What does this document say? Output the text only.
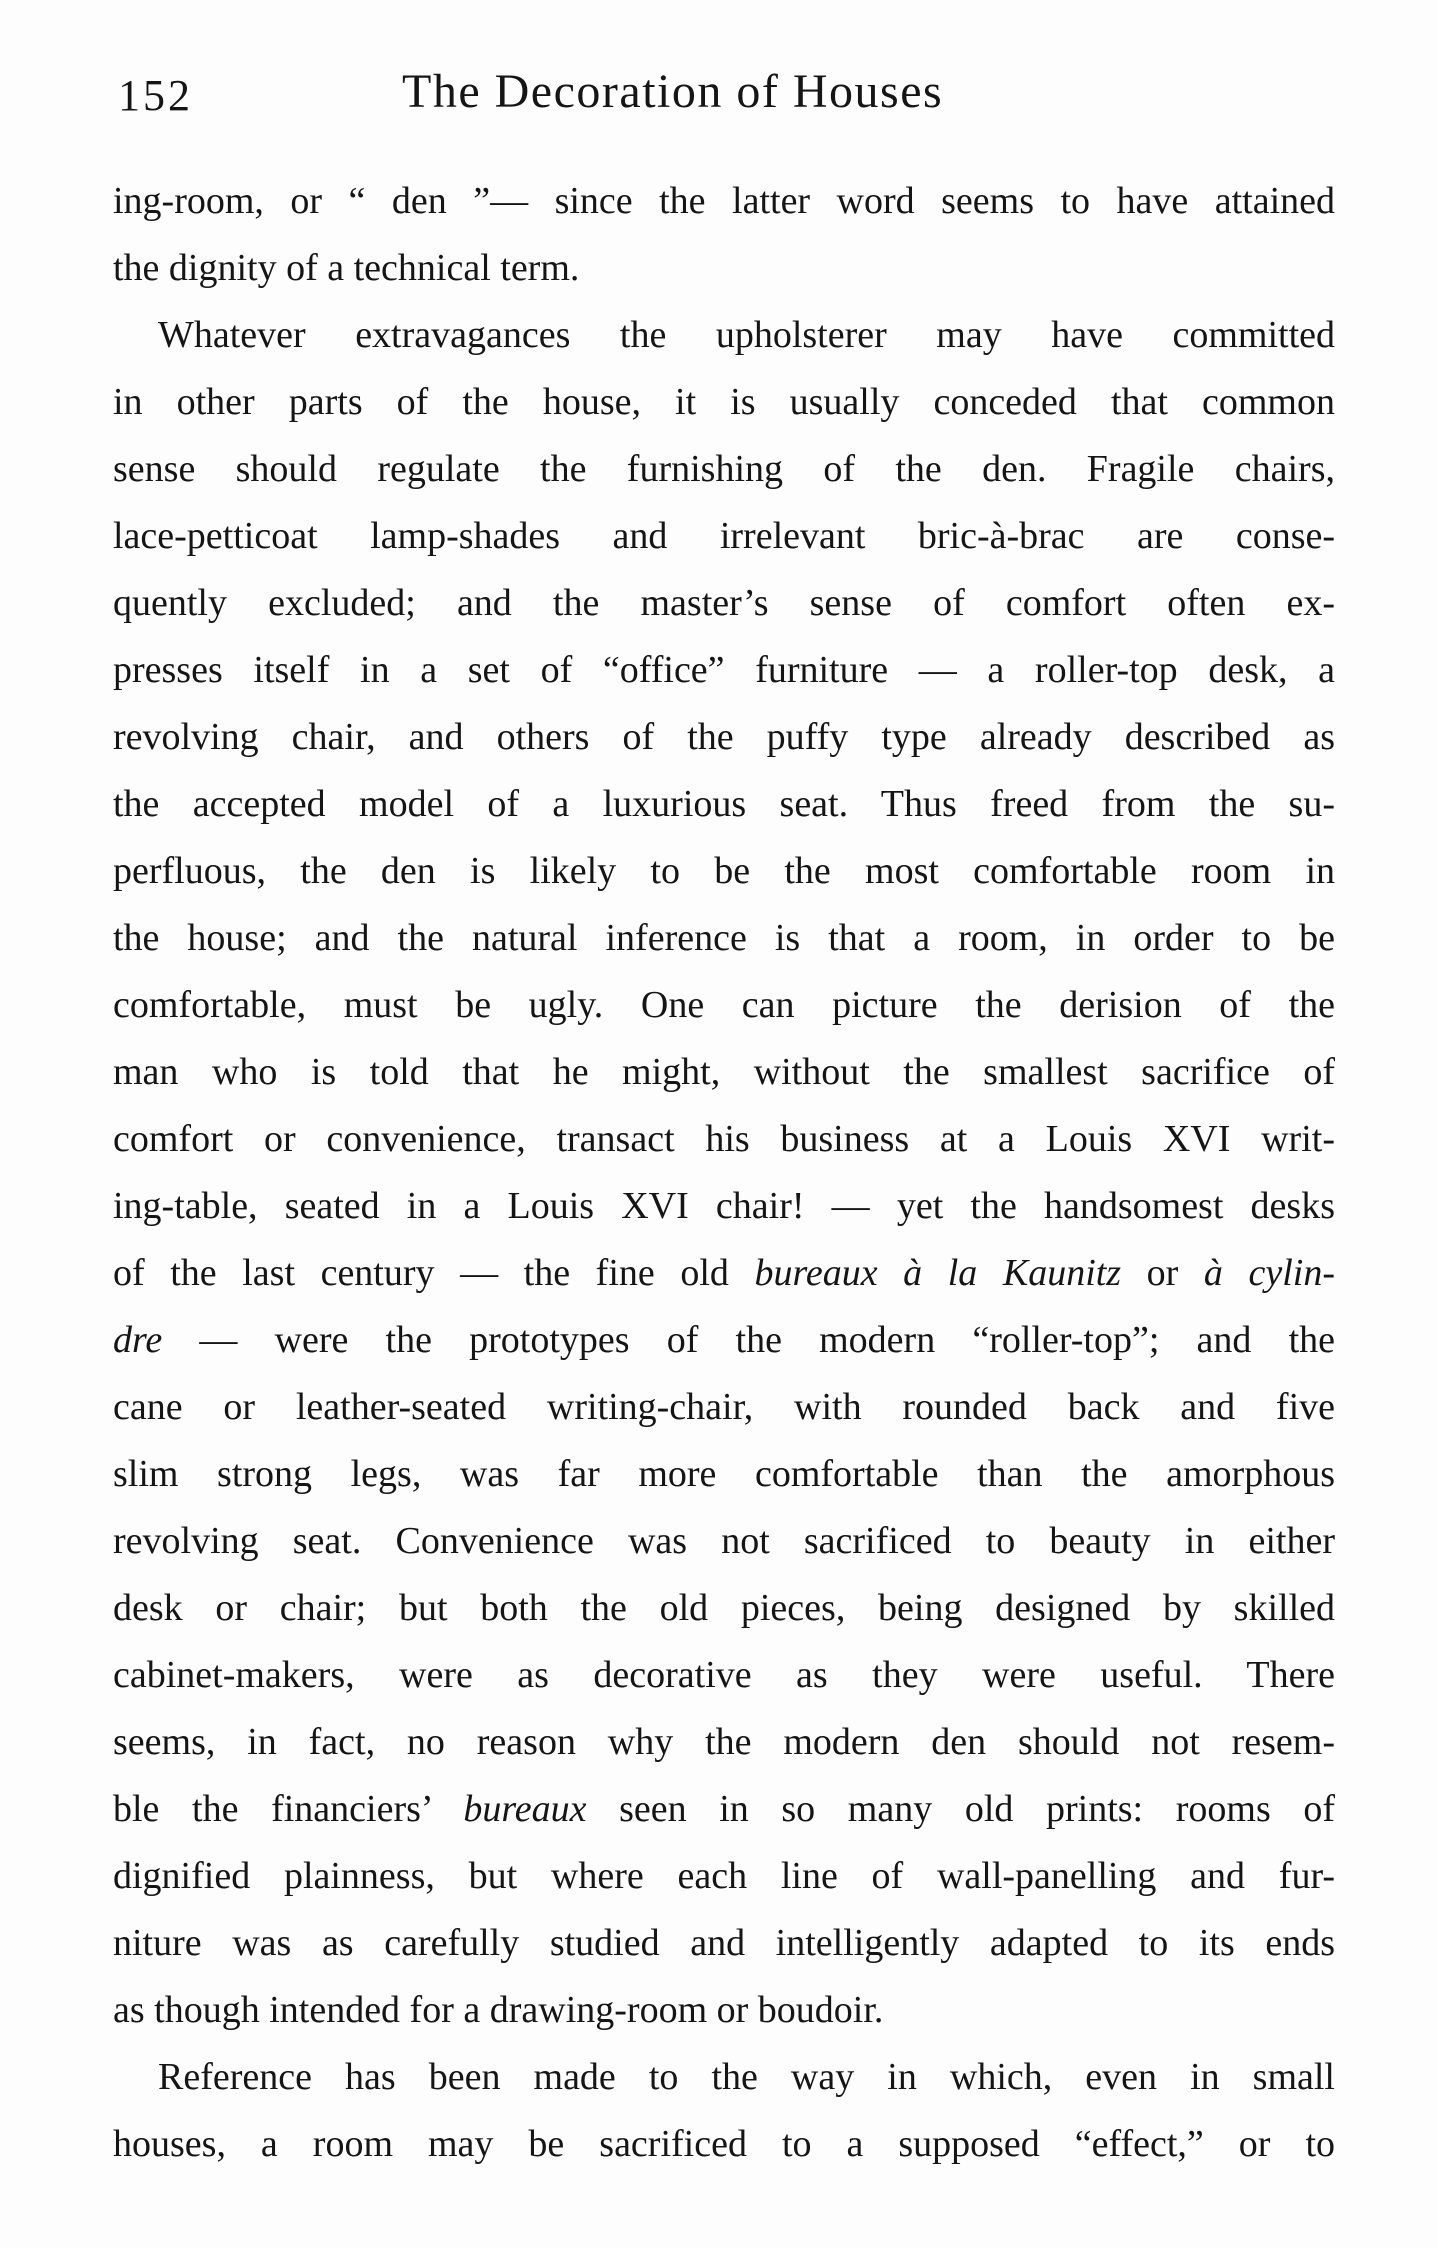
152	The Decoration of Houses
ing-room, or “ den ”— since the latter word seems to have attained
the dignity of a technical term.
Whatever extravagances the upholsterer may have committed
in other parts of the house, it is usually conceded that common
sense should regulate the furnishing of the den. Fragile chairs,
lace-petticoat lamp-shades and irrelevant bric-à-brac are conse-
quently excluded; and the master’s sense of comfort often ex-
presses itself in a set of “office” furniture — a roller-top desk, a
revolving chair, and others of the puffy type already described as
the accepted model of a luxurious seat. Thus freed from the su-
perfluous, the den is likely to be the most comfortable room in
the house; and the natural inference is that a room, in order to be
comfortable, must be ugly. One can picture the derision of the
man who is told that he might, without the smallest sacrifice of
comfort or convenience, transact his business at a Louis XVI writ-
ing-table, seated in a Louis XVI chair! — yet the handsomest desks
of the last century — the fine old bureaux à la Kaunitz or à cylin-
dre — were the prototypes of the modern “roller-top”; and the
cane or leather-seated writing-chair, with rounded back and five
slim strong legs, was far more comfortable than the amorphous
revolving seat. Convenience was not sacrificed to beauty in either
desk or chair; but both the old pieces, being designed by skilled
cabinet-makers, were as decorative as they were useful. There
seems, in fact, no reason why the modern den should not resem-
ble the financiers’ bureaux seen in so many old prints: rooms of
dignified plainness, but where each line of wall-panelling and fur-
niture was as carefully studied and intelligently adapted to its ends
as though intended for a drawing-room or boudoir.
Reference has been made to the way in which, even in small
houses, a room may be sacrificed to a supposed “effect,” or to
